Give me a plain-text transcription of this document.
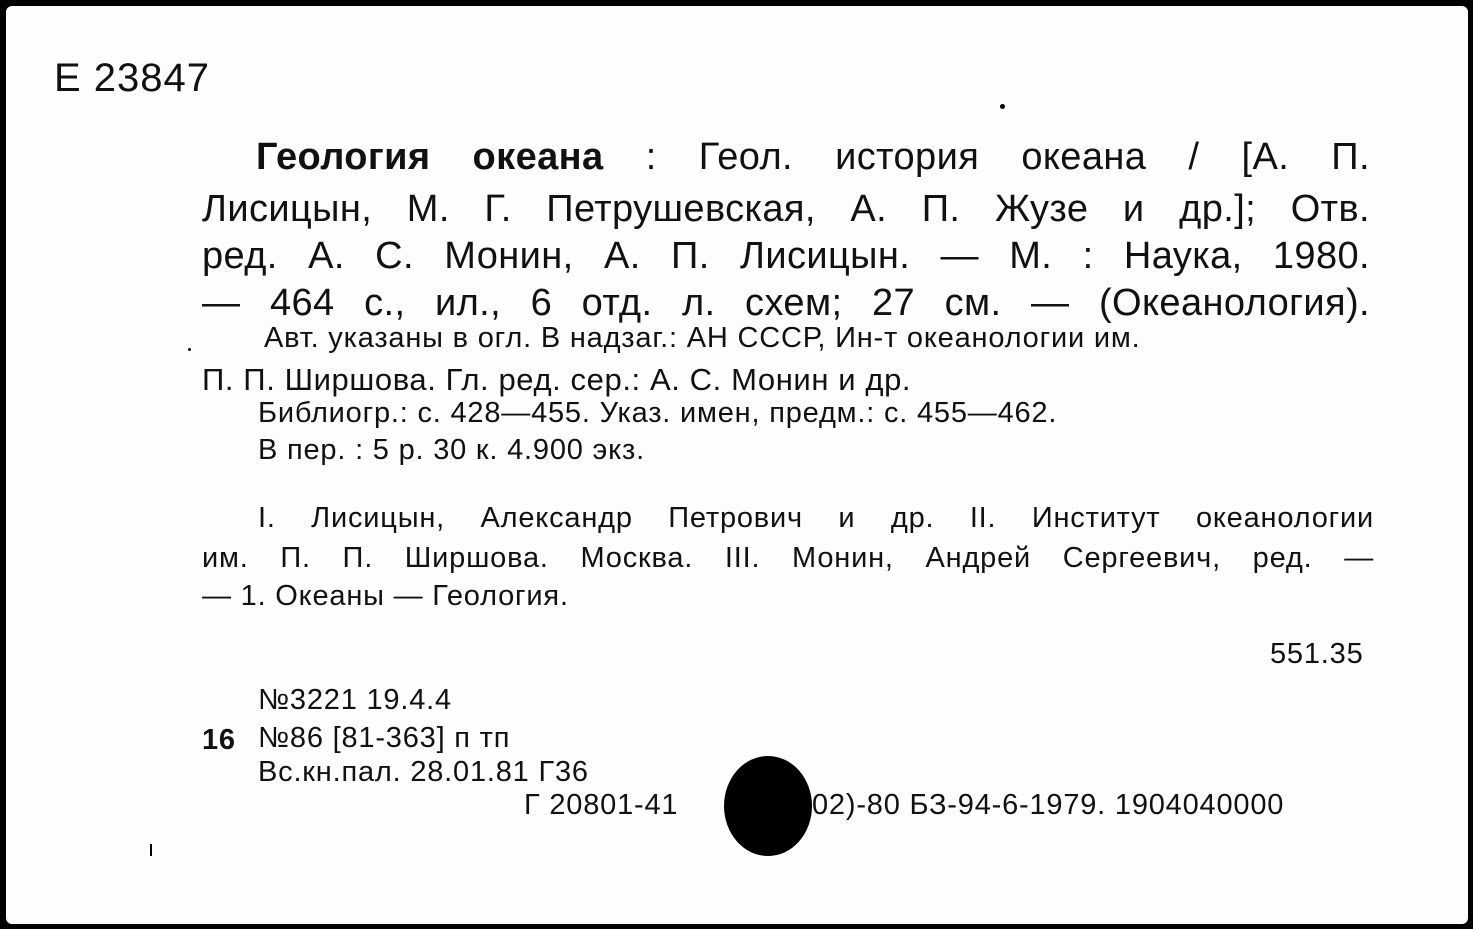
Е 23847
Геология океана : Геол. история океана / [А. П.
Лисицын, М. Г. Петрушевская, А. П. Жузе и др.]; Отв.
ред. А. С. Монин, А. П. Лисицын. — М. : Наука, 1980.
— 464 с., ил., 6 отд. л. схем; 27 см. — (Океанология).
Авт. указаны в огл. В надзаг.: АН СССР, Ин-т океанологии им.
П. П. Ширшова. Гл. ред. сер.: А. С. Монин и др.
Библиогр.: с. 428—455. Указ. имен, предм.: с. 455—462.
В пер. : 5 р. 30 к. 4.900 экз.
I. Лисицын, Александр Петрович и др. II. Институт океанологии
им. П. П. Ширшова. Москва. III. Монин, Андрей Сергеевич, ред. —
— 1. Океаны — Геология.
551.35
№3221 19.4.4
16 №86 [81-363] п тп
Вс.кн.пал. 28.01.81 Г36
Г 20801-41	02)-80 БЗ-94-6-1979. 1904040000
